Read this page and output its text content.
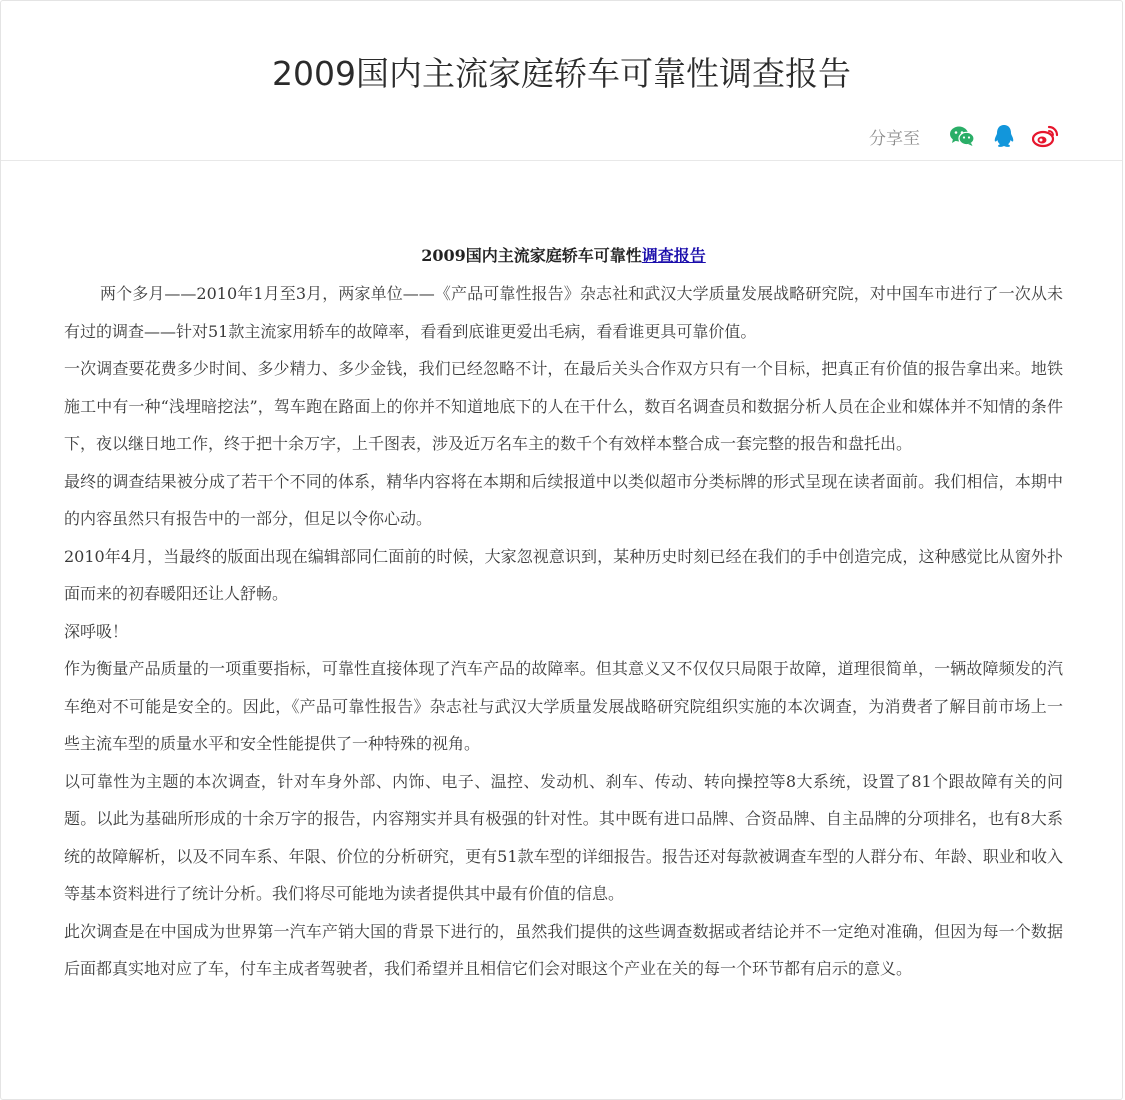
2009国内主流家庭轿车可靠性调查报告
分享至

2009国内主流家庭轿车可靠性调查报告

两个多月——2010年1月至3月，两家单位——《产品可靠性报告》杂志社和武汉大学质量发展战略研究院，对中国车市进行了一次从未有过的调查——针对51款主流家用轿车的故障率，看看到底谁更爱出毛病，看看谁更具可靠价值。

一次调查要花费多少时间、多少精力、多少金钱，我们已经忽略不计，在最后关头合作双方只有一个目标，把真正有价值的报告拿出来。地铁施工中有一种“浅埋暗挖法”，驾车跑在路面上的你并不知道地底下的人在干什么，数百名调查员和数据分析人员在企业和媒体并不知情的条件下，夜以继日地工作，终于把十余万字，上千图表，涉及近万名车主的数千个有效样本整合成一套完整的报告和盘托出。

最终的调查结果被分成了若干个不同的体系，精华内容将在本期和后续报道中以类似超市分类标牌的形式呈现在读者面前。我们相信，本期中的内容虽然只有报告中的一部分，但足以令你心动。

2010年4月，当最终的版面出现在编辑部同仁面前的时候，大家忽视意识到，某种历史时刻已经在我们的手中创造完成，这种感觉比从窗外扑面而来的初春暖阳还让人舒畅。

深呼吸！

作为衡量产品质量的一项重要指标，可靠性直接体现了汽车产品的故障率。但其意义又不仅仅只局限于故障，道理很简单，一辆故障频发的汽车绝对不可能是安全的。因此，《产品可靠性报告》杂志社与武汉大学质量发展战略研究院组织实施的本次调查，为消费者了解目前市场上一些主流车型的质量水平和安全性能提供了一种特殊的视角。

以可靠性为主题的本次调查，针对车身外部、内饰、电子、温控、发动机、刹车、传动、转向操控等8大系统，设置了81个跟故障有关的问题。以此为基础所形成的十余万字的报告，内容翔实并具有极强的针对性。其中既有进口品牌、合资品牌、自主品牌的分项排名，也有8大系统的故障解析，以及不同车系、年限、价位的分析研究，更有51款车型的详细报告。报告还对每款被调查车型的人群分布、年龄、职业和收入等基本资料进行了统计分析。我们将尽可能地为读者提供其中最有价值的信息。

此次调查是在中国成为世界第一汽车产销大国的背景下进行的，虽然我们提供的这些调查数据或者结论并不一定绝对准确，但因为每一个数据后面都真实地对应了车，付车主成者驾驶者，我们希望并且相信它们会对眼这个产业在关的每一个环节都有启示的意义。
